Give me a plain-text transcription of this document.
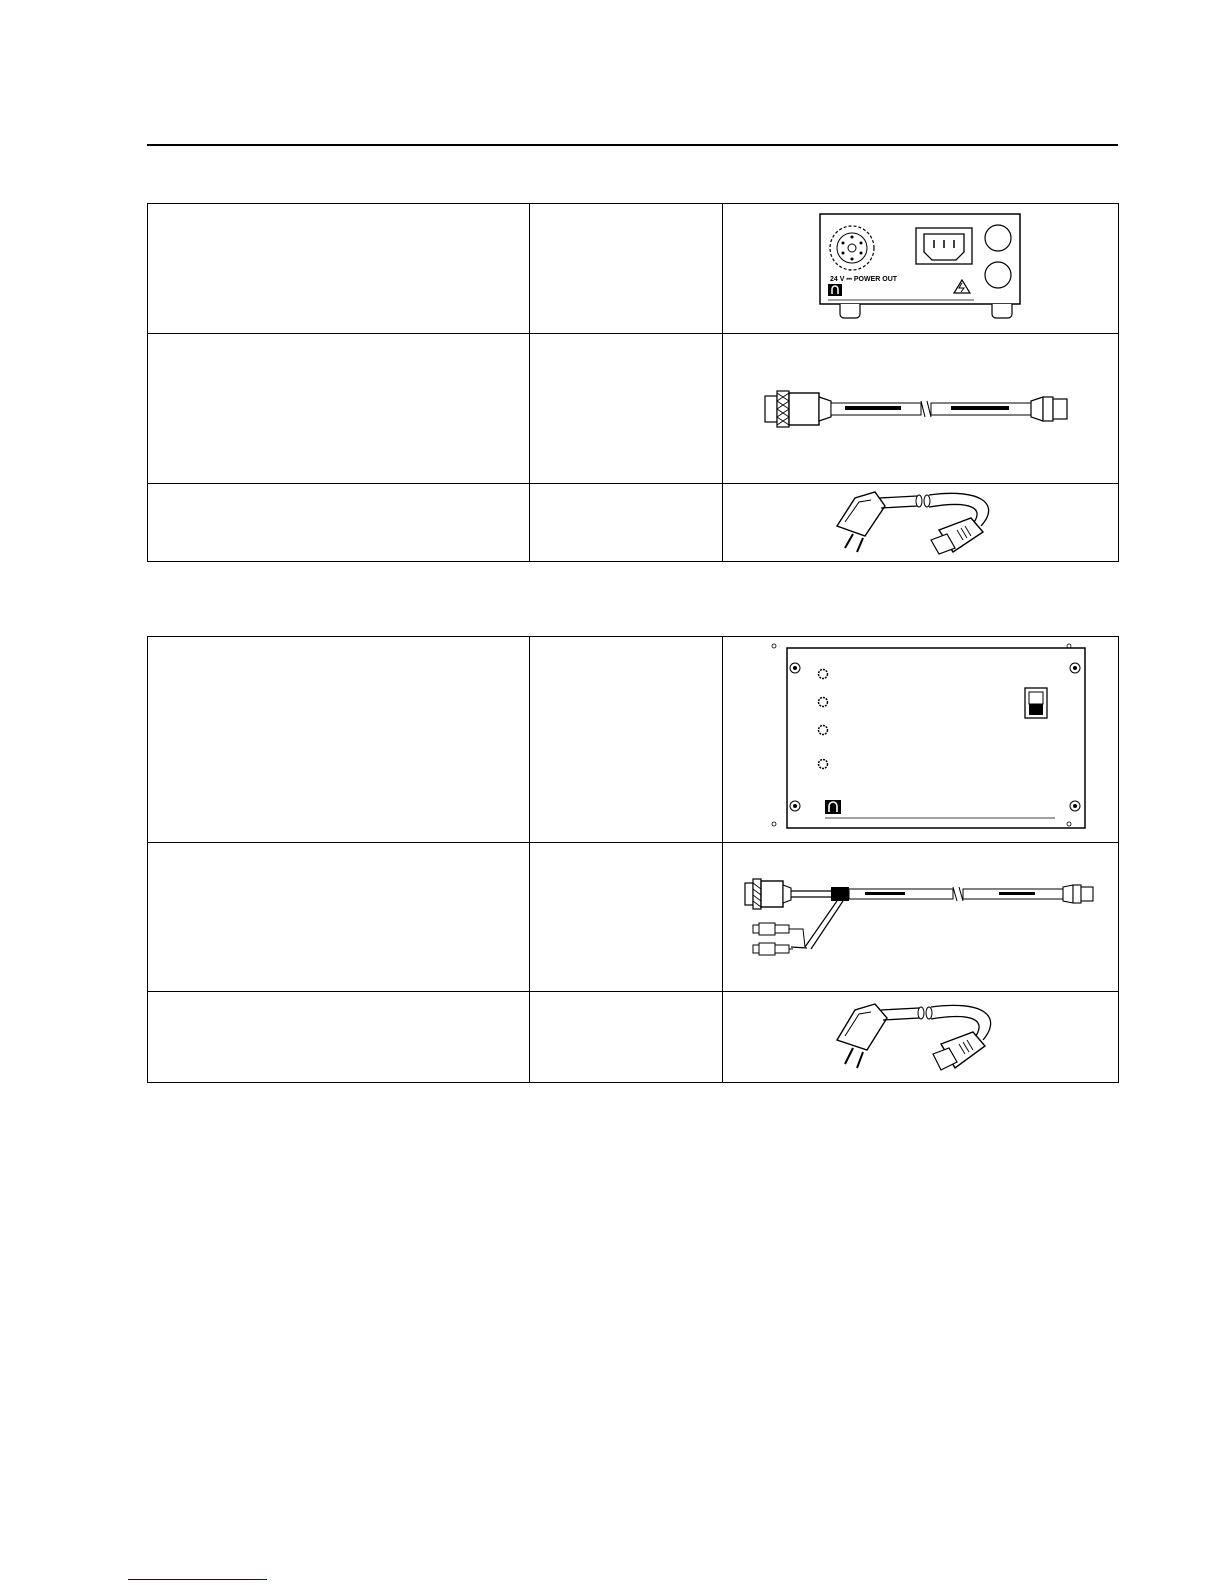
24 V ⎓ POWER OUT
